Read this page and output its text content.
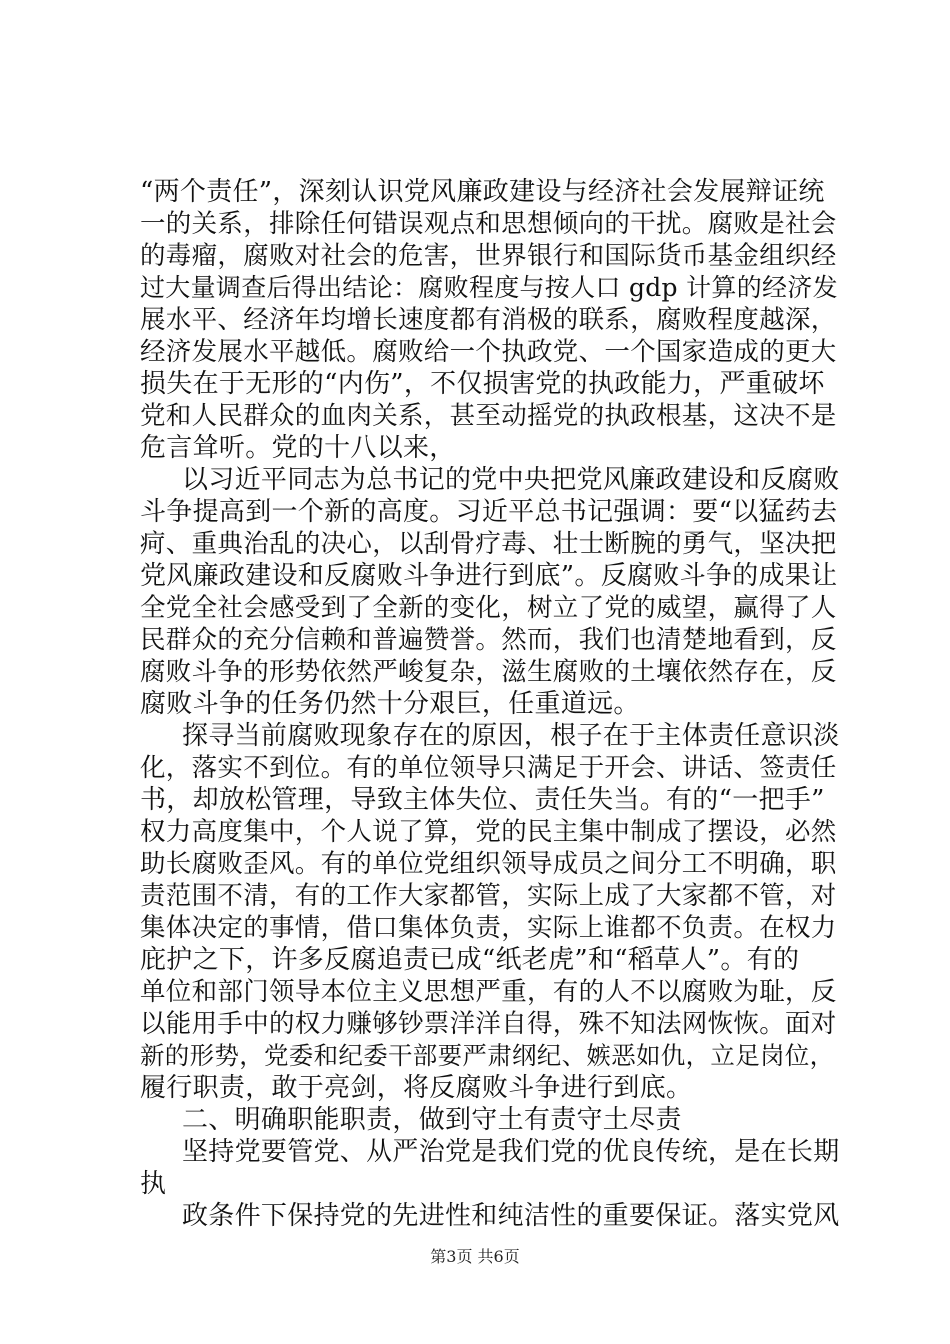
“两个责任”，深刻认识党风廉政建设与经济社会发展辩证统
一的关系，排除任何错误观点和思想倾向的干扰。腐败是社会
的毒瘤，腐败对社会的危害，世界银行和国际货币基金组织经
过大量调查后得出结论：腐败程度与按人口 gdp 计算的经济发
展水平、经济年均增长速度都有消极的联系，腐败程度越深，
经济发展水平越低。腐败给一个执政党、一个国家造成的更大
损失在于无形的“内伤”，不仅损害党的执政能力，严重破坏
党和人民群众的血肉关系，甚至动摇党的执政根基，这决不是
危言耸听。党的十八以来，
以习近平同志为总书记的党中央把党风廉政建设和反腐败
斗争提高到一个新的高度。习近平总书记强调：要“以猛药去
疴、重典治乱的决心，以刮骨疗毒、壮士断腕的勇气，坚决把
党风廉政建设和反腐败斗争进行到底”。反腐败斗争的成果让
全党全社会感受到了全新的变化，树立了党的威望，赢得了人
民群众的充分信赖和普遍赞誉。然而，我们也清楚地看到，反
腐败斗争的形势依然严峻复杂，滋生腐败的土壤依然存在，反
腐败斗争的任务仍然十分艰巨，任重道远。
探寻当前腐败现象存在的原因，根子在于主体责任意识淡
化，落实不到位。有的单位领导只满足于开会、讲话、签责任
书，却放松管理，导致主体失位、责任失当。有的“一把手”
权力高度集中，个人说了算，党的民主集中制成了摆设，必然
助长腐败歪风。有的单位党组织领导成员之间分工不明确，职
责范围不清，有的工作大家都管，实际上成了大家都不管，对
集体决定的事情，借口集体负责，实际上谁都不负责。在权力
庇护之下，许多反腐追责已成“纸老虎”和“稻草人”。有的
单位和部门领导本位主义思想严重，有的人不以腐败为耻，反
以能用手中的权力赚够钞票洋洋自得，殊不知法网恢恢。面对
新的形势，党委和纪委干部要严肃纲纪、嫉恶如仇，立足岗位，
履行职责，敢于亮剑，将反腐败斗争进行到底。
二、明确职能职责，做到守土有责守土尽责
坚持党要管党、从严治党是我们党的优良传统，是在长期
执
政条件下保持党的先进性和纯洁性的重要保证。落实党风
第3页 共6页
